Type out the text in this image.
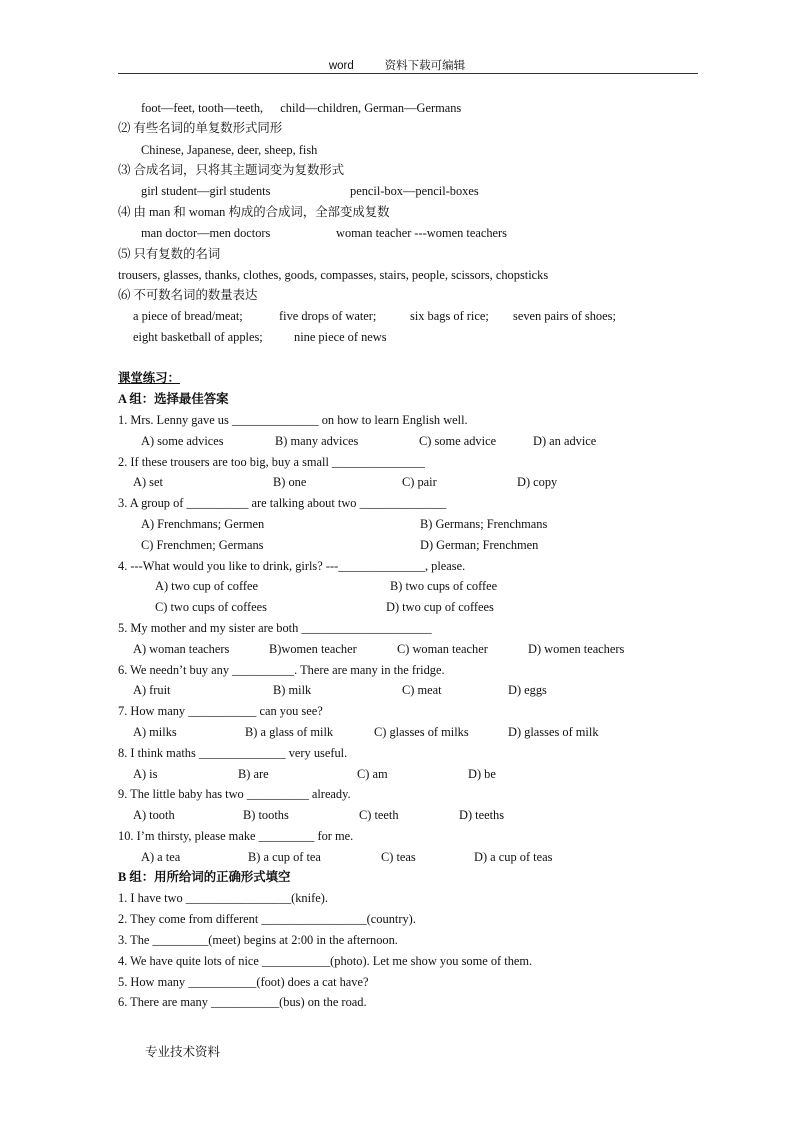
word	资料下载可编辑
foot—feet, tooth—teeth, child—children, German—Germans
⑵ 有些名词的单复数形式同形
Chinese, Japanese, deer, sheep, fish
⑶ 合成名词，只将其主题词变为复数形式
girl student—girl students	pencil-box—pencil-boxes
⑷ 由 man 和 woman 构成的合成词，全部变成复数
man doctor—men doctors	woman teacher ---women teachers
⑸ 只有复数的名词
trousers, glasses, thanks, clothes, goods, compasses, stairs, people, scissors, chopsticks
⑹ 不可数名词的数量表达
a piece of bread/meat;	five drops of water;	six bags of rice; seven pairs of shoes;
eight basketball of apples;	nine piece of news
课堂练习：
A 组：选择最佳答案
1. Mrs. Lenny gave us ______________ on how to learn English well.
A) some advices	B) many advices	C) some advice	D) an advice
2. If these trousers are too big, buy a small _______________
A) set	B) one	C) pair	D) copy
3. A group of __________ are talking about two ______________
A) Frenchmans; Germen	B) Germans; Frenchmans
C) Frenchmen; Germans	D) German; Frenchmen
4. ---What would you like to drink, girls? ---______________, please.
A) two cup of coffee	B) two cups of coffee
C) two cups of coffees	D) two cup of coffees
5. My mother and my sister are both _____________________
A) woman teachers	B)women teacher	C) woman teacher	D) women teachers
6. We needn’t buy any __________. There are many in the fridge.
A) fruit	B) milk	C) meat	D) eggs
7. How many ___________ can you see?
A) milks	B) a glass of milk	C) glasses of milks	D) glasses of milk
8. I think maths ______________ very useful.
A) is	B) are	C) am	D) be
9. The little baby has two __________ already.
A) tooth	B) tooths	C) teeth	D) teeths
10. I’m thirsty, please make _________ for me.
A) a tea	B) a cup of tea	C) teas	D) a cup of teas
B 组：用所给词的正确形式填空
1. I have two _________________(knife).
2. They come from different _________________(country).
3. The _________(meet) begins at 2:00 in the afternoon.
4. We have quite lots of nice ___________(photo). Let me show you some of them.
5. How many ___________(foot) does a cat have?
6. There are many ___________(bus) on the road.
专业技术资料
